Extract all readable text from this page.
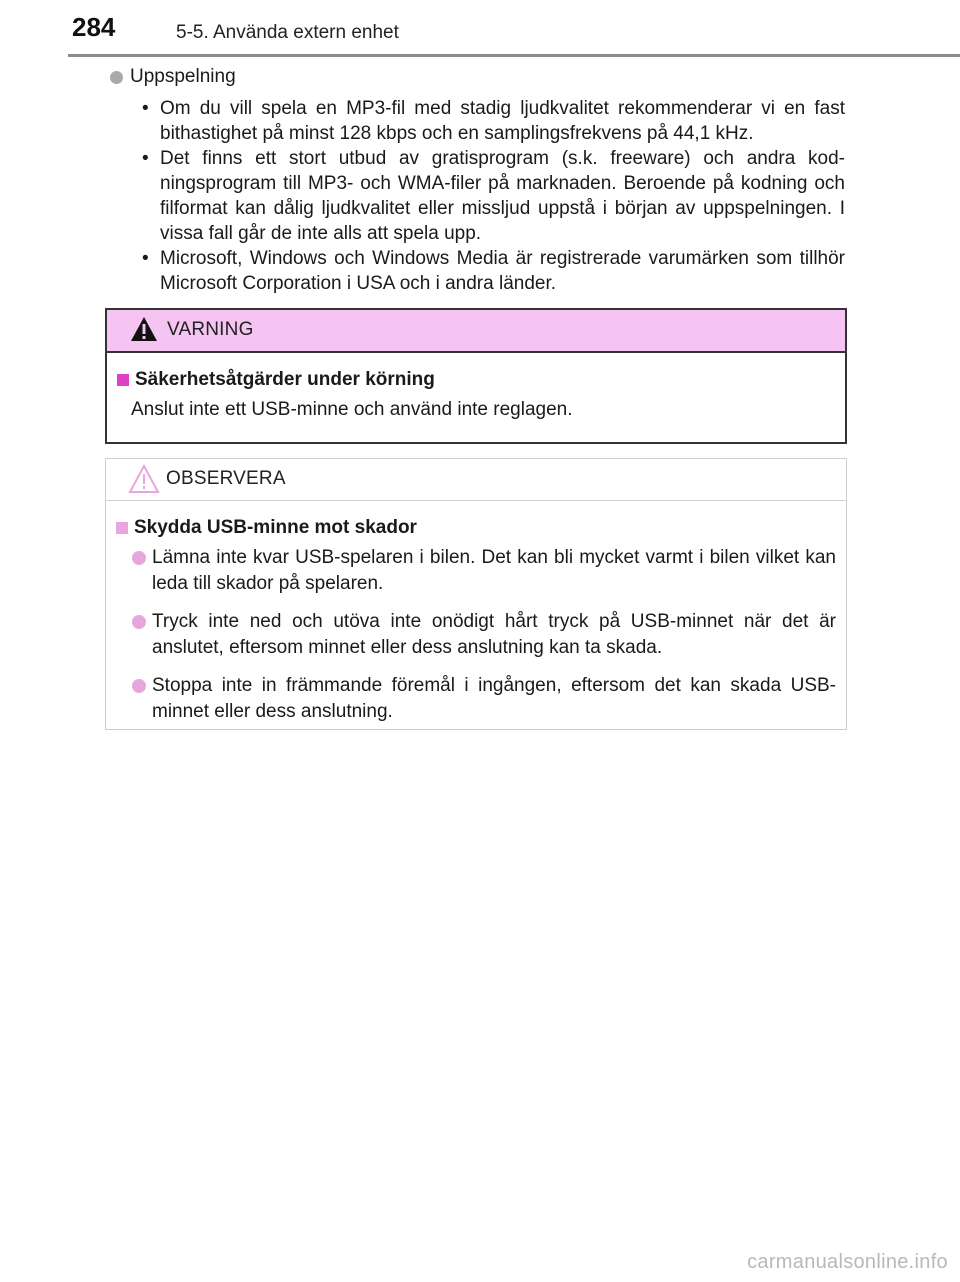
284	5-5. Använda extern enhet
Uppspelning
• Om du vill spela en MP3-fil med stadig ljudkvalitet rekommenderar vi en fast bithastighet på minst 128 kbps och en samplingsfrekvens på 44,1 kHz.
• Det finns ett stort utbud av gratisprogram (s.k. freeware) och andra kodningsprogram till MP3- och WMA-filer på marknaden. Beroende på kodning och filformat kan dålig ljudkvalitet eller missljud uppstå i början av uppspelningen. I vissa fall går de inte alls att spela upp.
• Microsoft, Windows och Windows Media är registrerade varumärken som tillhör Microsoft Corporation i USA och i andra länder.
VARNING
Säkerhetsåtgärder under körning

Anslut inte ett USB-minne och använd inte reglagen.

OBSERVERA
Skydda USB-minne mot skador
Lämna inte kvar USB-spelaren i bilen. Det kan bli mycket varmt i bilen vilket kan leda till skador på spelaren.
Tryck inte ned och utöva inte onödigt hårt tryck på USB-minnet när det är anslutet, eftersom minnet eller dess anslutning kan ta skada.
Stoppa inte in främmande föremål i ingången, eftersom det kan skada USB-minnet eller dess anslutning.
carmanualsonline.info
